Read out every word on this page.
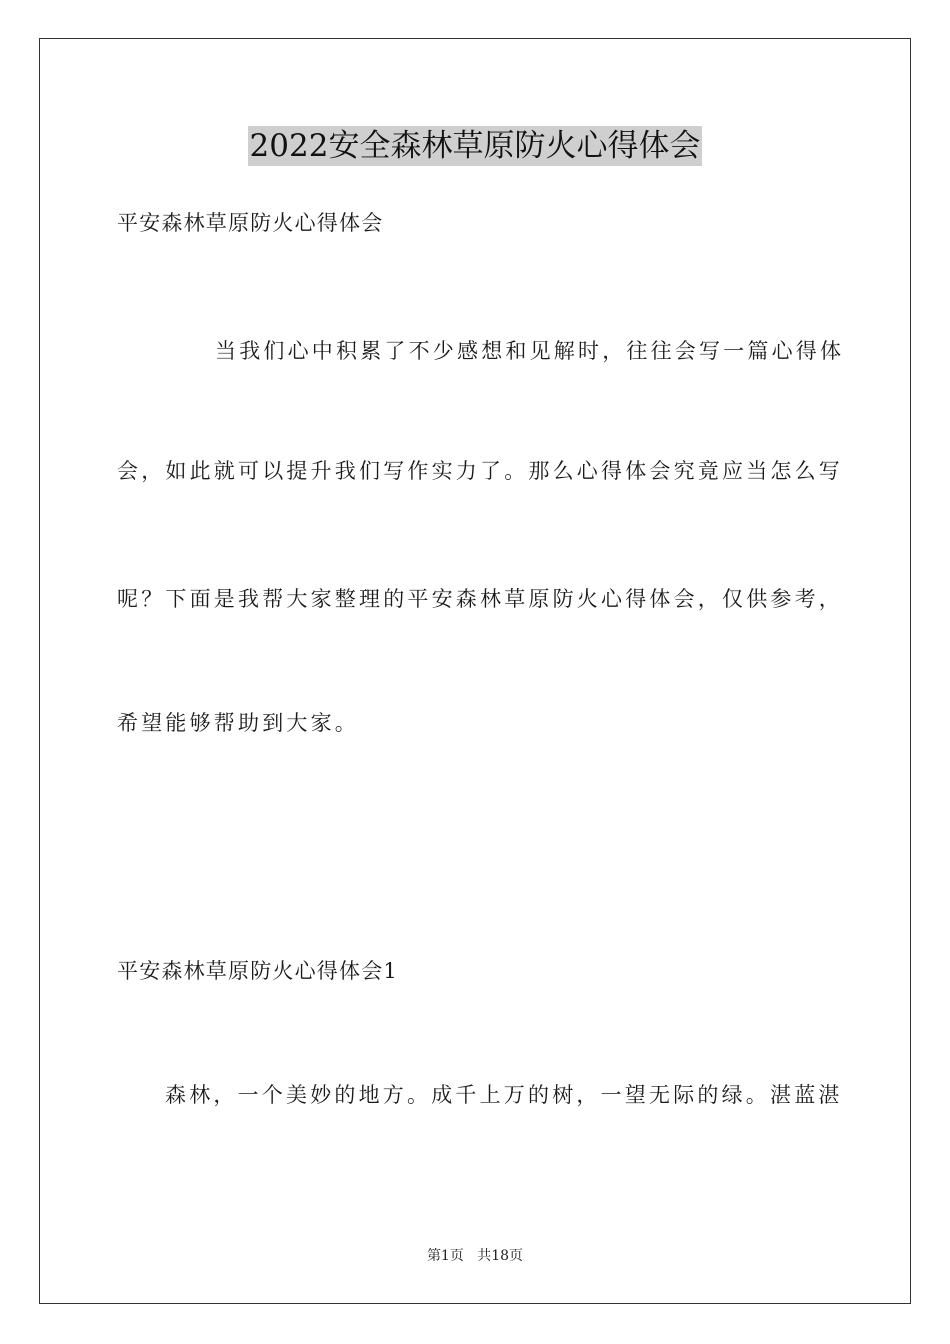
2022安全森林草原防火心得体会
平安森林草原防火心得体会
当我们心中积累了不少感想和见解时，往往会写一篇心得体
会，如此就可以提升我们写作实力了。那么心得体会究竟应当怎么写
呢？下面是我帮大家整理的平安森林草原防火心得体会，仅供参考，
希望能够帮助到大家。
平安森林草原防火心得体会1
森林，一个美妙的地方。成千上万的树，一望无际的绿。湛蓝湛
第1页 共18页
